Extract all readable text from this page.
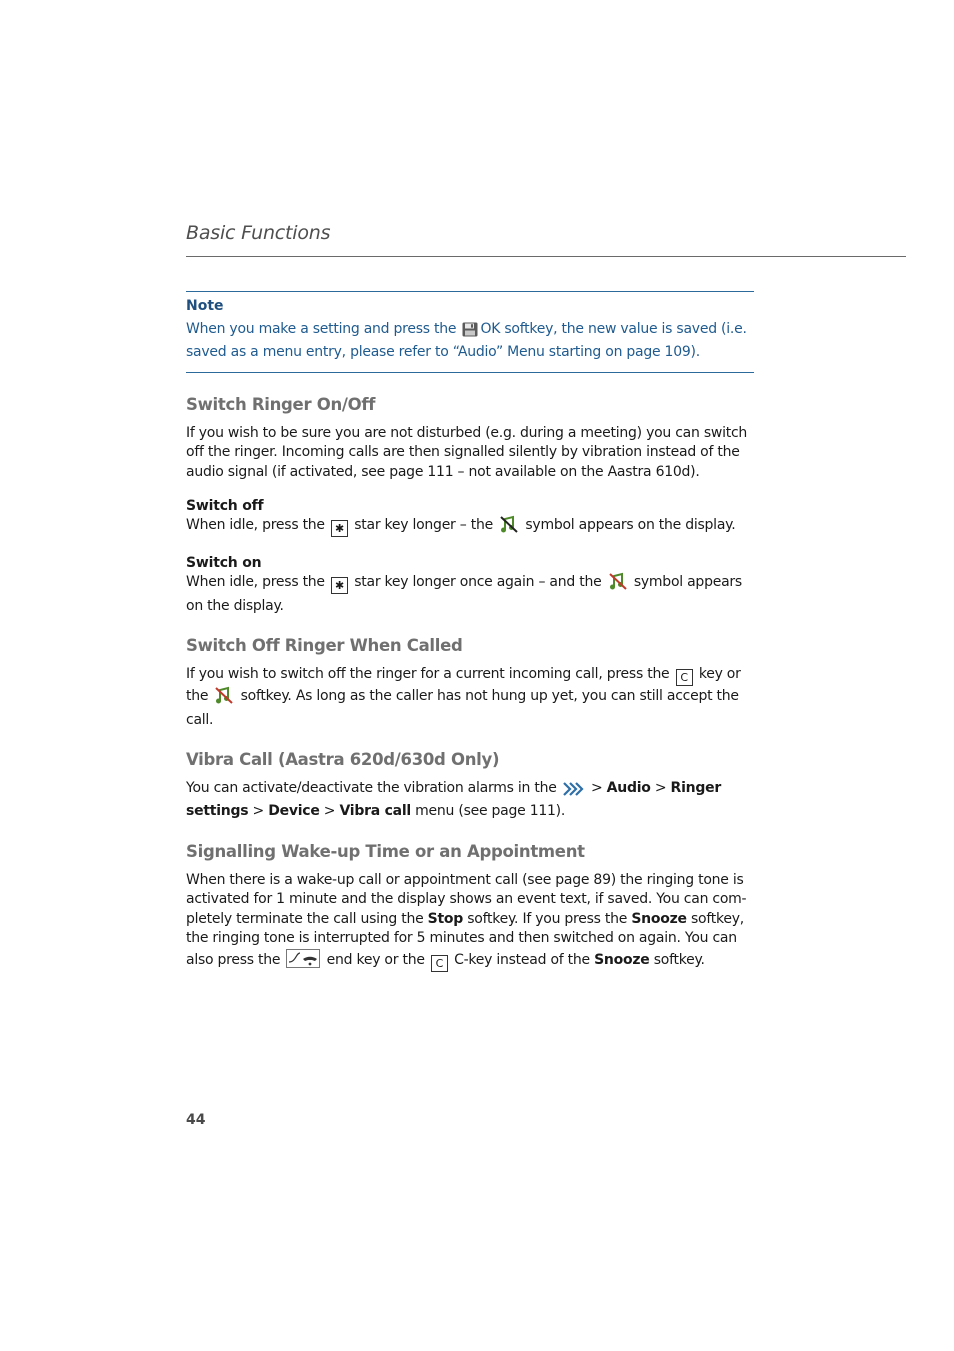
Basic Functions
Note
When you make a setting and press the OK softkey, the new value is saved (i.e. saved as a menu entry, please refer to “Audio” Menu starting on page 109).
Switch Ringer On/Off

If you wish to be sure you are not disturbed (e.g. during a meeting) you can switch off the ringer. Incoming calls are then signalled silently by vibration instead of the audio signal (if activated, see page 111 – not available on the Aastra 610d).

Switch off

When idle, press the ✱ star key longer – the symbol appears on the display.

Switch on

When idle, press the ✱ star key longer once again – and the symbol appears on the display.

Switch Off Ringer When Called

If you wish to switch off the ringer for a current incoming call, press the C key or the softkey. As long as the caller has not hung up yet, you can still accept the call.

Vibra Call (Aastra 620d/630d Only)

You can activate/deactivate the vibration alarms in the > Audio > Ringer settings > Device > Vibra call menu (see page 111).

Signalling Wake-up Time or an Appointment

When there is a wake-up call or appointment call (see page 89) the ringing tone is activated for 1 minute and the display shows an event text, if saved. You can com-pletely terminate the call using the Stop softkey. If you press the Snooze softkey, the ringing tone is interrupted for 5 minutes and then switched on again. You can also press the	end key or the C C-key instead of the Snooze softkey.

44
